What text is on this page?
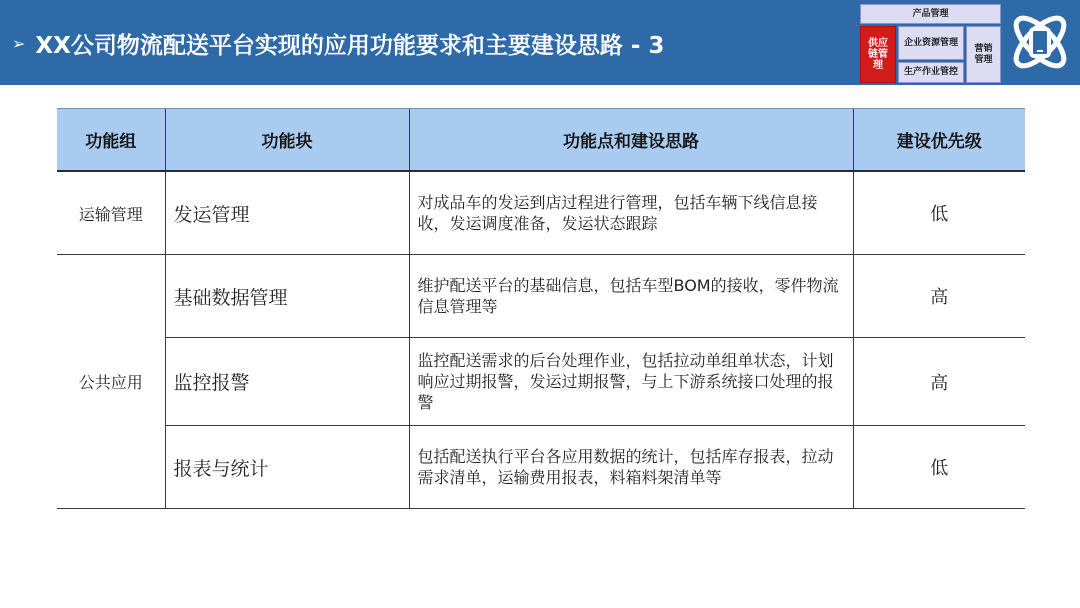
➢ XX公司物流配送平台实现的应用功能要求和主要建设思路 - 3
产品管理
供应链管理
企业资源管理
生产作业管控
营销管理
功能组	功能块	功能点和建设思路	建设优先级
运输管理	发运管理	对成品车的发运到店过程进行管理，包括车辆下线信息接收，发运调度准备，发运状态跟踪	低
公共应用	基础数据管理	维护配送平台的基础信息，包括车型BOM的接收，零件物流信息管理等	高
	监控报警	监控配送需求的后台处理作业，包括拉动单组单状态，计划响应过期报警，发运过期报警，与上下游系统接口处理的报警	高
	报表与统计	包括配送执行平台各应用数据的统计，包括库存报表，拉动需求清单，运输费用报表，料箱料架清单等	低
